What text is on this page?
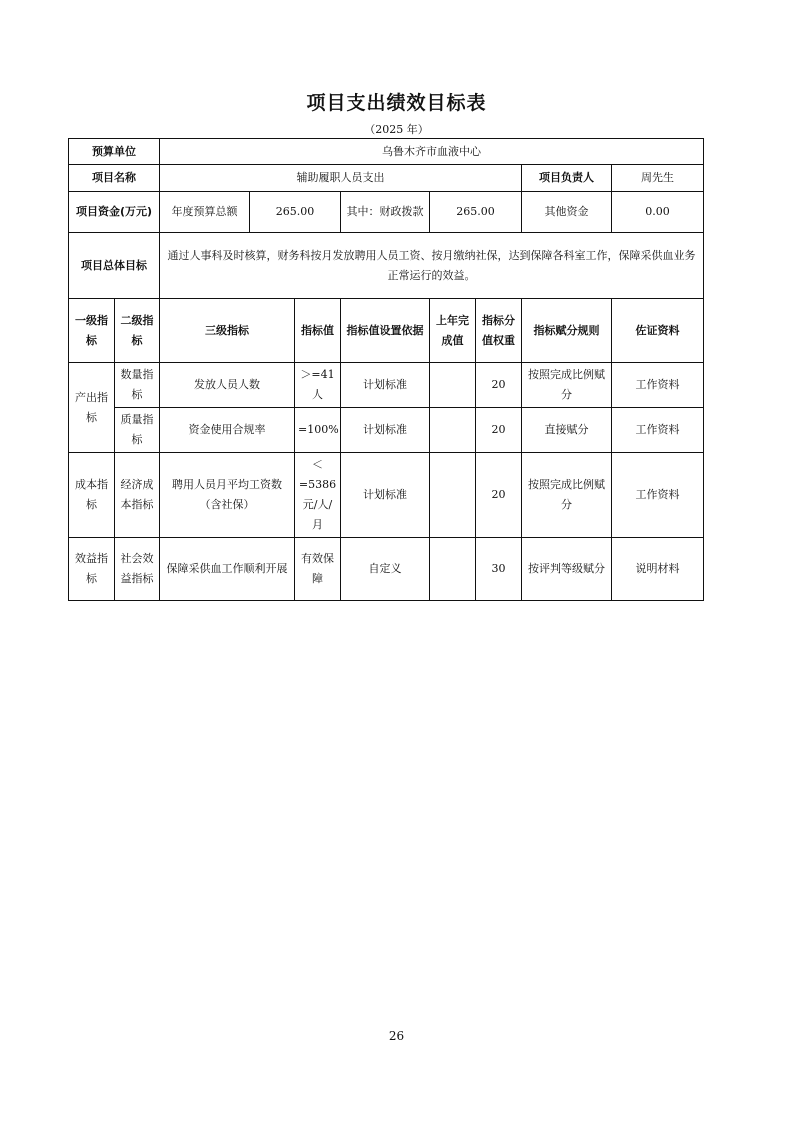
项目支出绩效目标表
（2025 年）
预算单位		乌鲁木齐市血液中心							
项目名称		辅助履职人员支出						项目负责人	周先生
项目资金(万元)		年度预算总额	265.00		其中：财政拨款	265.00		其他资金	0.00
项目总体目标		通过人事科及时核算，财务科按月发放聘用人员工资、按月缴纳社保，达到保障各科室工作，保障采供血业务正常运行的效益。							
一级指标	二级指标	三级指标		指标值	指标值设置依据	上年完成值	指标分值权重	指标赋分规则	佐证资料
产出指标	数量指标	发放人员人数		＞=41人	计划标准		20	按照完成比例赋分	工作资料
	质量指标	资金使用合规率		=100%	计划标准		20	直接赋分	工作资料
成本指标	经济成本指标	聘用人员月平均工资数（含社保）		＜=5386元/人/月	计划标准		20	按照完成比例赋分	工作资料
效益指标	社会效益指标	保障采供血工作顺利开展		有效保障	自定义		30	按评判等级赋分	说明材料
26
